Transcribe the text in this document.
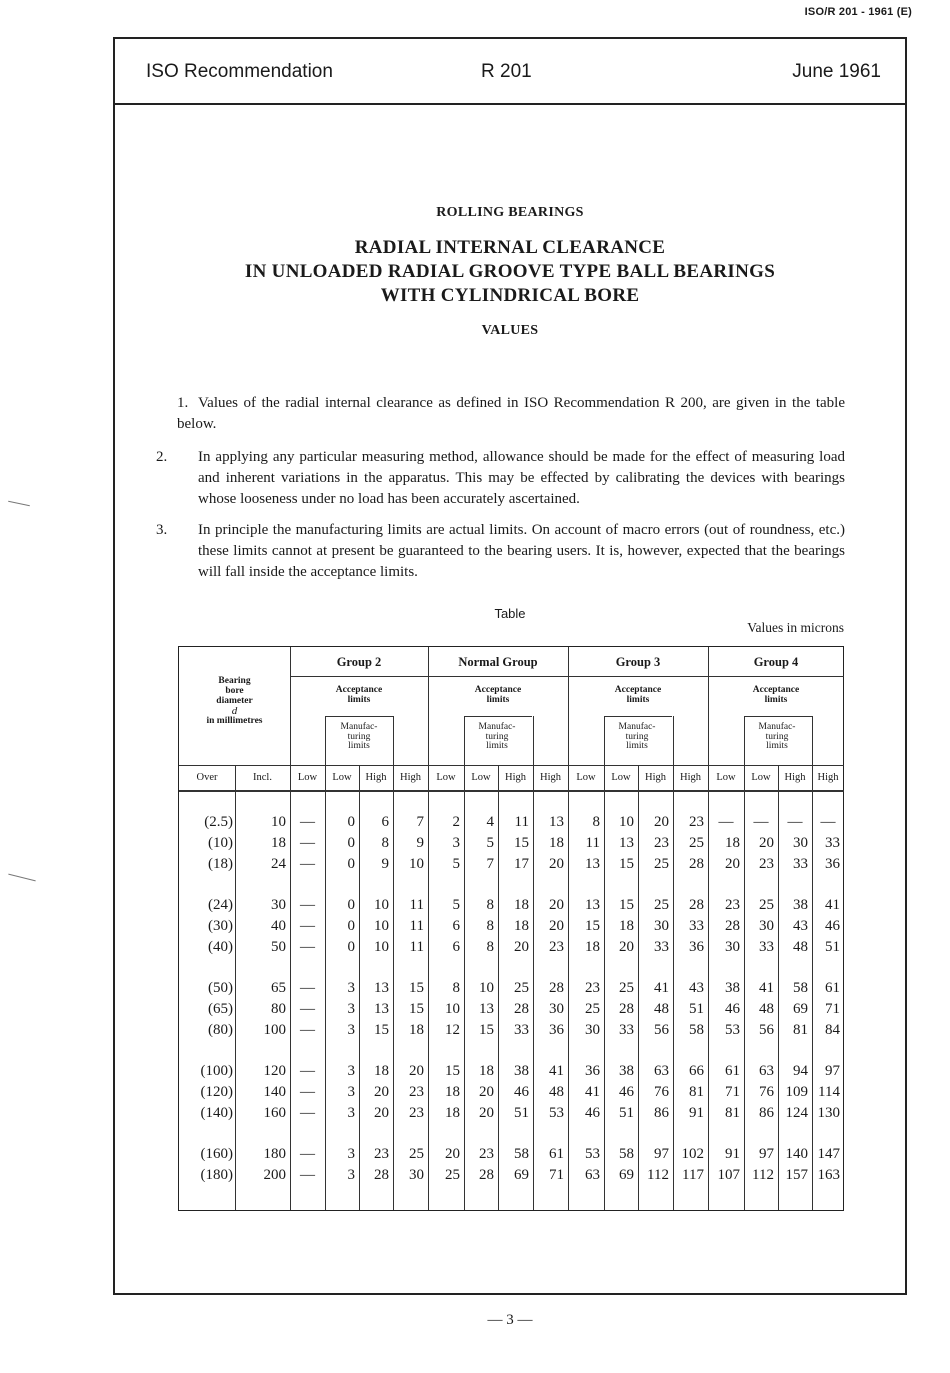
ISO/R 201 - 1961 (E)
ISO Recommendation	R 201	June 1961
ROLLING BEARINGS
RADIAL INTERNAL CLEARANCE
IN UNLOADED RADIAL GROOVE TYPE BALL BEARINGS
WITH CYLINDRICAL BORE
VALUES
1. Values of the radial internal clearance as defined in ISO Recommendation R 200, are given in the table below.
2. In applying any particular measuring method, allowance should be made for the effect of measuring load and inherent variations in the apparatus. This may be effected by calibrating the devices with bearings whose looseness under no load has been accurately ascertained.
3. In principle the manufacturing limits are actual limits. On account of macro errors (out of roundness, etc.) these limits cannot at present be guaranteed to the bearing users. It is, however, expected that the bearings will fall inside the acceptance limits.
Table
Values in microns
Group 2
Acceptance
limits
Manufac-
turing
limits
Normal Group
Acceptance
limits
Manufac-
turing
limits
Group 3
Acceptance
limits
Manufac-
turing
limits
Group 4
Acceptance
limits
Manufac-
turing
limits
Bearing
bore
diameter
d
in millimetres
Over	Incl.	Low	Low	High	High	Low	Low	High	High	Low	Low	High	High	Low	Low	High	High
(2.5)	10 —	0	6	7	2	4	11	13	8	10	20	23 —	—	—	—
(10)	18 —	0	8	9	3	5	15	18	11	13	23	25	18	20	30	33
(18)	24 —	0	9	10	5	7	17	20	13	15	25	28	20	23	33	36
(24)	30 —	0	10	11	5	8	18	20	13	15	25	28	23	25	38	41
(30)	40 —	0	10	11	6	8	18	20	15	18	30	33	28	30	43	46
(40)	50 —	0	10	11	6	8	20	23	18	20	33	36	30	33	48	51
(50)	65 —	3	13	15	8	10	25	28	23	25	41	43	38	41	58	61
(65)	80 —	3	13	15	10	13	28	30	25	28	48	51	46	48	69	71
(80)	100 —	3	15	18	12	15	33	36	30	33	56	58	53	56	81	84
(100)	120 —	3	18	20	15	18	38	41	36	38	63	66	61	63	94	97
(120)	140 —	3	20	23	18	20	46	48	41	46	76	81	71	76 109 114
(140)	160 —	3	20	23	18	20	51	53	46	51	86	91	81	86 124 130
(160)	180 —	3	23	25	20	23	58	61	53	58	97 102	91	97 140 147
(180)	200 —	3	28	30	25	28	69	71	63	69 112 117 107 112 157 163
— 3 —
